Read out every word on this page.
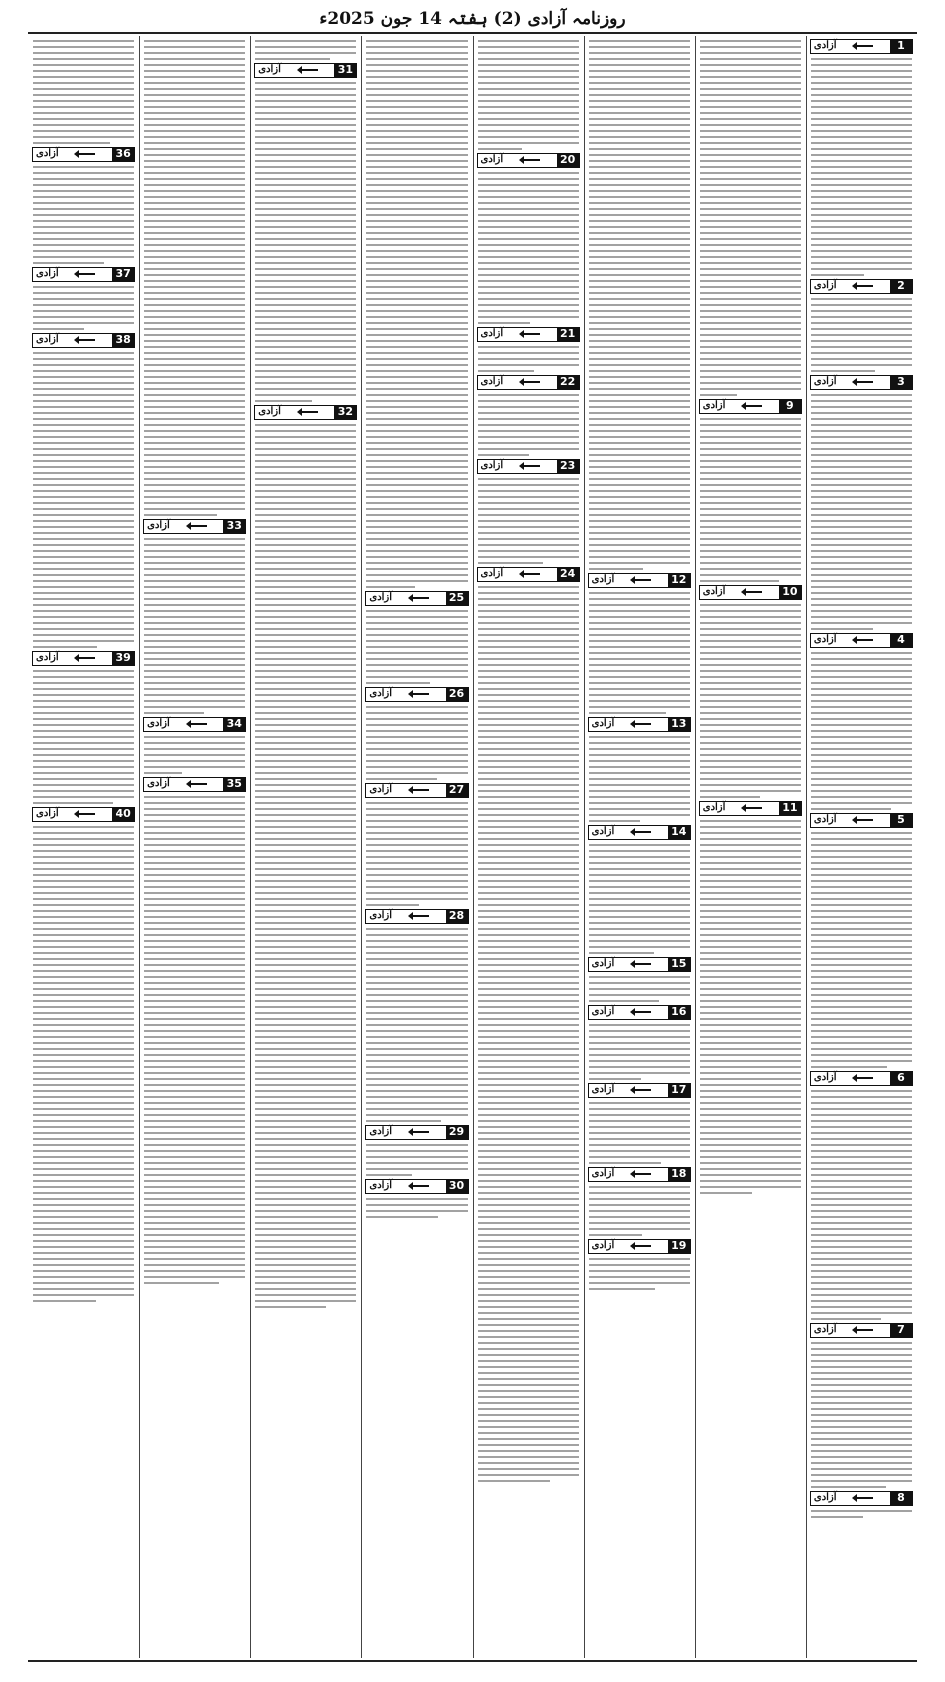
روزنامہ آزادی (2) ہفتہ 14 جون 2025ء
1
آزادی
2
آزادی
3
آزادی
4
آزادی
5
آزادی
6
آزادی
7
آزادی
8
آزادی
9
آزادی
10
آزادی
11
آزادی
12
آزادی
13
آزادی
14
آزادی
15
آزادی
16
آزادی
17
آزادی
18
آزادی
19
آزادی
20
آزادی
21
آزادی
22
آزادی
23
آزادی
24
آزادی
25
آزادی
26
آزادی
27
آزادی
28
آزادی
29
آزادی
30
آزادی
31
آزادی
32
آزادی
33
آزادی
34
آزادی
35
آزادی
36
آزادی
37
آزادی
38
آزادی
39
آزادی
40
آزادی
